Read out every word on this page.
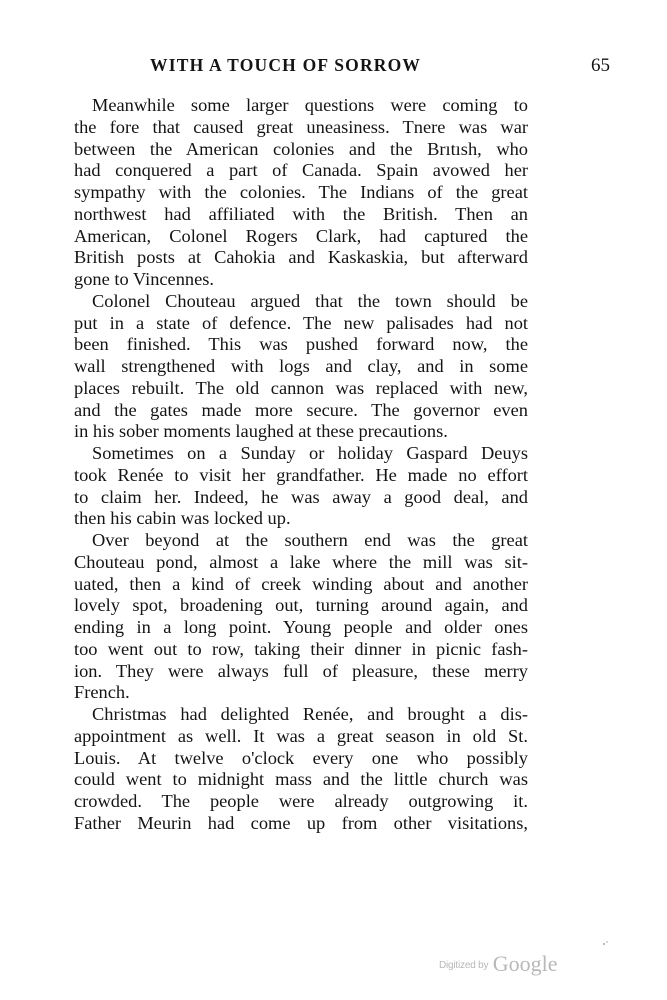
WITH A TOUCH OF SORROW	65

Meanwhile some larger questions were coming to
the fore that caused great uneasiness. Tnere was war
between the American colonies and the Brıtısh, who
had conquered a part of Canada. Spain avowed her
sympathy with the colonies. The Indians of the great
northwest had affiliated with the British. Then an
American, Colonel Rogers Clark, had captured the
British posts at Cahokia and Kaskaskia, but afterward
gone to Vincennes.

Colonel Chouteau argued that the town should be
put in a state of defence. The new palisades had not
been finished. This was pushed forward now, the
wall strengthened with logs and clay, and in some
places rebuilt. The old cannon was replaced with new,
and the gates made more secure. The governor even
in his sober moments laughed at these precautions.

Sometimes on a Sunday or holiday Gaspard Deuys
took Renée to visit her grandfather. He made no effort
to claim her. Indeed, he was away a good deal, and
then his cabin was locked up.

Over beyond at the southern end was the great
Chouteau pond, almost a lake where the mill was sit-
uated, then a kind of creek winding about and another
lovely spot, broadening out, turning around again, and
ending in a long point. Young people and older ones
too went out to row, taking their dinner in picnic fash-
ion. They were always full of pleasure, these merry
French.

Christmas had delighted Renée, and brought a dis-
appointment as well. It was a great season in old St.
Louis. At twelve o'clock every one who possibly
could went to midnight mass and the little church was
crowded. The people were already outgrowing it.
Father Meurin had come up from other visitations,

Digitized by Google
